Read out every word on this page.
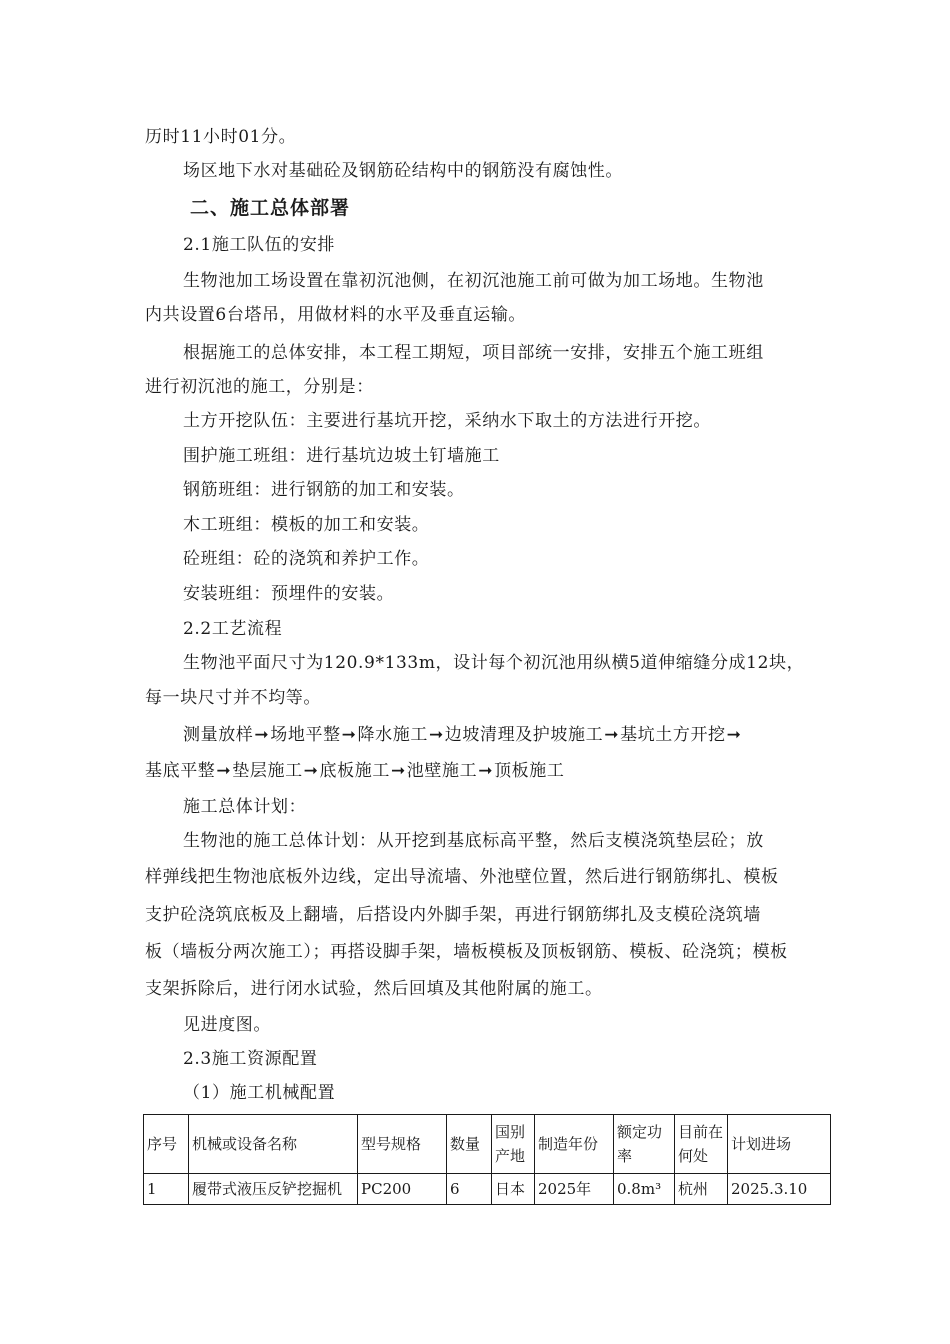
历时11小时01分。
场区地下水对基础砼及钢筋砼结构中的钢筋没有腐蚀性。
二、施工总体部署
2.1施工队伍的安排
生物池加工场设置在靠初沉池侧，在初沉池施工前可做为加工场地。生物池
内共设置6台塔吊，用做材料的水平及垂直运输。
根据施工的总体安排，本工程工期短，项目部统一安排，安排五个施工班组
进行初沉池的施工，分别是：
土方开挖队伍：主要进行基坑开挖，采纳水下取土的方法进行开挖。
围护施工班组：进行基坑边坡土钉墙施工
钢筋班组：进行钢筋的加工和安装。
木工班组：模板的加工和安装。
砼班组：砼的浇筑和养护工作。
安装班组：预埋件的安装。
2.2工艺流程
生物池平面尺寸为120.9*133m，设计每个初沉池用纵横5道伸缩缝分成12块，
每一块尺寸并不均等。
测量放样➞场地平整➞降水施工➞边坡清理及护坡施工➞基坑土方开挖➞
基底平整➞垫层施工➞底板施工➞池壁施工➞顶板施工
施工总体计划：
生物池的施工总体计划：从开挖到基底标高平整，然后支模浇筑垫层砼；放
样弹线把生物池底板外边线，定出导流墙、外池壁位置，然后进行钢筋绑扎、模板
支护砼浇筑底板及上翻墙，后搭设内外脚手架，再进行钢筋绑扎及支模砼浇筑墙
板（墙板分两次施工）；再搭设脚手架，墙板模板及顶板钢筋、模板、砼浇筑；模板
支架拆除后，进行闭水试验，然后回填及其他附属的施工。
见进度图。
2.3施工资源配置
（1）施工机械配置
序号	机械或设备名称	型号规格	数量	国别产地	制造年份	额定功率	目前在何处	计划进场
1	履带式液压反铲挖掘机	PC200	6	日本	2025年	0.8m³	杭州	2025.3.10
